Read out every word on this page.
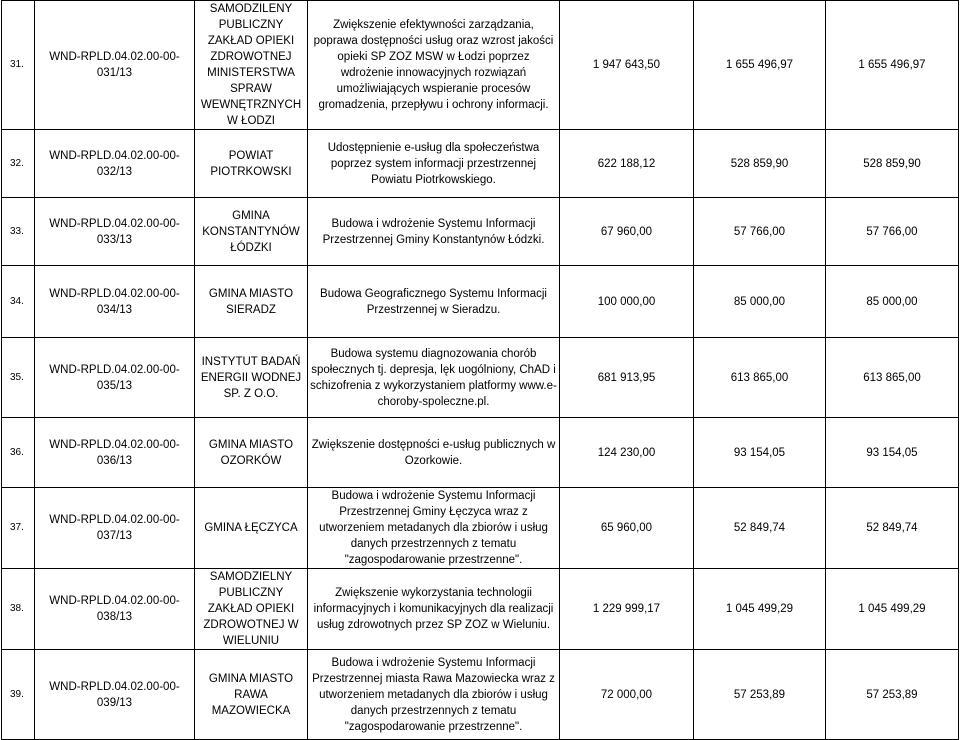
31.	WND-RPLD.04.02.00-00-031/13	SAMODZILENY PUBLICZNY ZAKŁAD OPIEKI ZDROWOTNEJ MINISTERSTWA SPRAW WEWNĘTRZNYCH W ŁODZI	Zwiększenie efektywności zarządzania, poprawa dostępności usług oraz wzrost jakości opieki SP ZOZ MSW w Łodzi poprzez wdrożenie innowacyjnych rozwiązań umożliwiających wspieranie procesów gromadzenia, przepływu i ochrony informacji.	1 947 643,50	1 655 496,97	1 655 496,97
32.	WND-RPLD.04.02.00-00-032/13	POWIAT PIOTRKOWSKI	Udostępnienie e-usług dla społeczeństwa poprzez system informacji przestrzennej Powiatu Piotrkowskiego.	622 188,12	528 859,90	528 859,90
33.	WND-RPLD.04.02.00-00-033/13	GMINA KONSTANTYNÓW ŁÓDZKI	Budowa i wdrożenie Systemu Informacji Przestrzennej Gminy Konstantynów Łódzki.	67 960,00	57 766,00	57 766,00
34.	WND-RPLD.04.02.00-00-034/13	GMINA MIASTO SIERADZ	Budowa Geograficznego Systemu Informacji Przestrzennej w Sieradzu.	100 000,00	85 000,00	85 000,00
35.	WND-RPLD.04.02.00-00-035/13	INSTYTUT BADAŃ ENERGII WODNEJ SP. Z O.O.	Budowa systemu diagnozowania chorób społecznych tj. depresja, lęk uogólniony, ChAD i schizofrenia z wykorzystaniem platformy www.e-choroby-spoleczne.pl.	681 913,95	613 865,00	613 865,00
36.	WND-RPLD.04.02.00-00-036/13	GMINA MIASTO OZORKÓW	Zwiększenie dostępności e-usług publicznych w Ozorkowie.	124 230,00	93 154,05	93 154,05
37.	WND-RPLD.04.02.00-00-037/13	GMINA ŁĘCZYCA	Budowa i wdrożenie Systemu Informacji Przestrzennej Gminy Łęczyca wraz z utworzeniem metadanych dla zbiorów i usług danych przestrzennych z tematu "zagospodarowanie przestrzenne".	65 960,00	52 849,74	52 849,74
38.	WND-RPLD.04.02.00-00-038/13	SAMODZIELNY PUBLICZNY ZAKŁAD OPIEKI ZDROWOTNEJ W WIELUNIU	Zwiększenie wykorzystania technologii informacyjnych i komunikacyjnych dla realizacji usług zdrowotnych przez SP ZOZ w Wieluniu.	1 229 999,17	1 045 499,29	1 045 499,29
39.	WND-RPLD.04.02.00-00-039/13	GMINA MIASTO RAWA MAZOWIECKA	Budowa i wdrożenie Systemu Informacji Przestrzennej miasta Rawa Mazowiecka wraz z utworzeniem metadanych dla zbiorów i usług danych przestrzennych z tematu "zagospodarowanie przestrzenne".	72 000,00	57 253,89	57 253,89
